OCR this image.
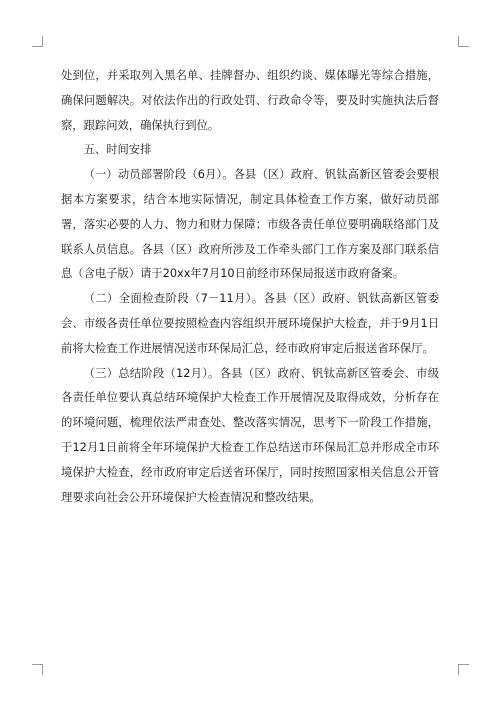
处到位，并采取列入黑名单、挂牌督办、组织约谈、媒体曝光等综合措施，确保问题解决。对依法作出的行政处罚、行政命令等，要及时实施执法后督察，跟踪问效，确保执行到位。

五、时间安排

（一）动员部署阶段（6月）。各县（区）政府、钒钛高新区管委会要根据本方案要求，结合本地实际情况，制定具体检查工作方案，做好动员部署，落实必要的人力、物力和财力保障；市级各责任单位要明确联络部门及联系人员信息。各县（区）政府所涉及工作牵头部门工作方案及部门联系信息（含电子版）请于20xx年7月10日前经市环保局报送市政府备案。

（二）全面检查阶段（7－11月）。各县（区）政府、钒钛高新区管委会、市级各责任单位要按照检查内容组织开展环境保护大检查，并于9月1日前将大检查工作进展情况送市环保局汇总，经市政府审定后报送省环保厅。

（三）总结阶段（12月）。各县（区）政府、钒钛高新区管委会、市级各责任单位要认真总结环境保护大检查工作开展情况及取得成效，分析存在的环境问题，梳理依法严肃查处、整改落实情况，思考下一阶段工作措施，于12月1日前将全年环境保护大检查工作总结送市环保局汇总并形成全市环境保护大检查，经市政府审定后送省环保厅，同时按照国家相关信息公开管理要求向社会公开环境保护大检查情况和整改结果。
